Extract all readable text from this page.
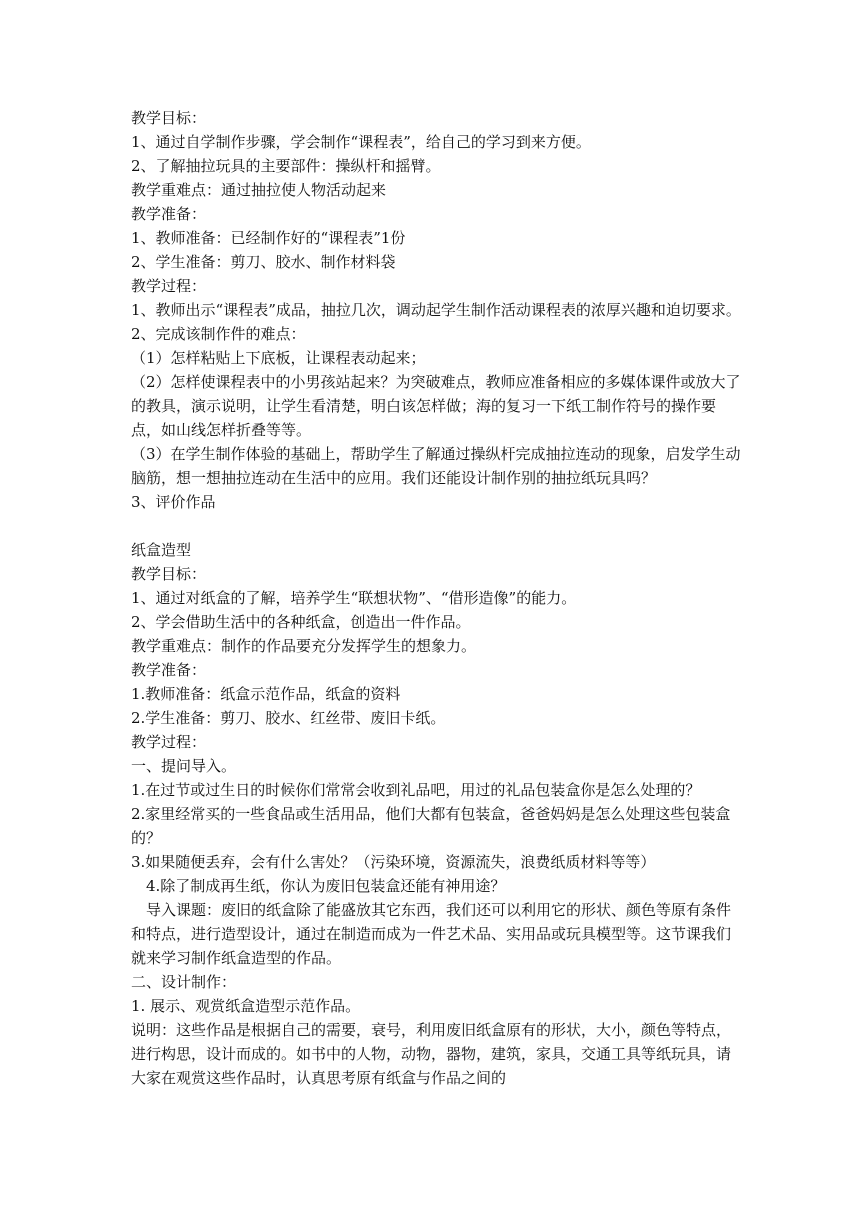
教学目标：
1、通过自学制作步骤，学会制作“课程表”，给自己的学习到来方便。
2、了解抽拉玩具的主要部件：操纵杆和摇臂。
教学重难点：通过抽拉使人物活动起来
教学准备：
1、教师准备：已经制作好的“课程表”1份
2、学生准备：剪刀、胶水、制作材料袋
教学过程：
1、教师出示“课程表”成品，抽拉几次，调动起学生制作活动课程表的浓厚兴趣和迫切要求。
2、完成该制作件的难点：
（1）怎样粘贴上下底板，让课程表动起来；
（2）怎样使课程表中的小男孩站起来？为突破难点，教师应准备相应的多媒体课件或放大了的教具，演示说明，让学生看清楚，明白该怎样做；海的复习一下纸工制作符号的操作要点，如山线怎样折叠等等。
（3）在学生制作体验的基础上，帮助学生了解通过操纵杆完成抽拉连动的现象，启发学生动脑筋，想一想抽拉连动在生活中的应用。我们还能设计制作别的抽拉纸玩具吗？
3、评价作品
纸盒造型
教学目标：
1、通过对纸盒的了解，培养学生“联想状物”、“借形造像”的能力。
2、学会借助生活中的各种纸盒，创造出一件作品。
教学重难点：制作的作品要充分发挥学生的想象力。
教学准备：
1.教师准备：纸盒示范作品，纸盒的资料
2.学生准备：剪刀、胶水、红丝带、废旧卡纸。
教学过程：
一、提问导入。
1.在过节或过生日的时候你们常常会收到礼品吧，用过的礼品包装盒你是怎么处理的？
2.家里经常买的一些食品或生活用品，他们大都有包装盒，爸爸妈妈是怎么处理这些包装盒的？
3.如果随便丢弃，会有什么害处？（污染环境，资源流失，浪费纸质材料等等）
4.除了制成再生纸，你认为废旧包装盒还能有神用途？
导入课题：废旧的纸盒除了能盛放其它东西，我们还可以利用它的形状、颜色等原有条件和特点，进行造型设计，通过在制造而成为一件艺术品、实用品或玩具模型等。这节课我们就来学习制作纸盒造型的作品。
二、设计制作：
1. 展示、观赏纸盒造型示范作品。
说明：这些作品是根据自己的需要，衰号，利用废旧纸盒原有的形状，大小，颜色等特点，进行构思，设计而成的。如书中的人物，动物，器物，建筑，家具，交通工具等纸玩具，请大家在观赏这些作品时，认真思考原有纸盒与作品之间的
